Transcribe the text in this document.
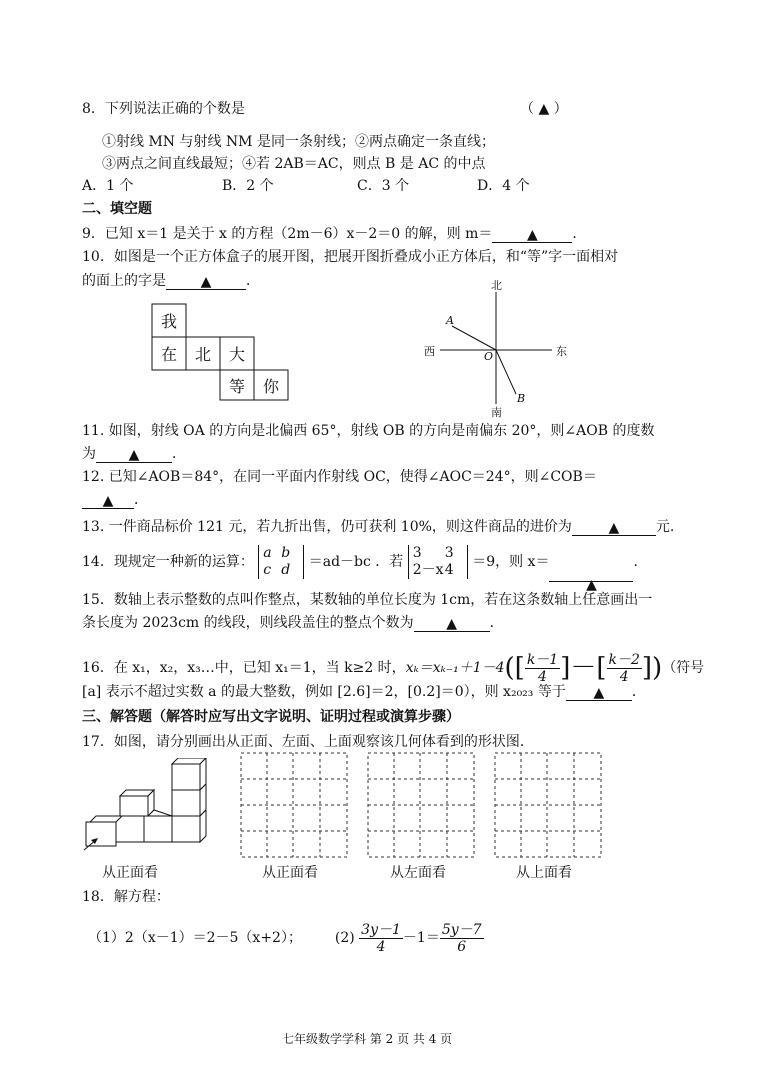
8．下列说法正确的个数是	（ ▲ ）
①射线 MN 与射线 NM 是同一条射线；②两点确定一条直线；
③两点之间直线最短；④若 2AB＝AC，则点 B 是 AC 的中点
A．1 个	B．2 个	C．3 个	D．4 个
二、填空题
9．已知 x＝1 是关于 x 的方程（2m－6）x－2＝0 的解，则 m＝ ▲ ．
10．如图是一个正方体盒子的展开图，把展开图折叠成小正方体后，和“等”字一面相对
的面上的字是 ▲ ．
我
在 北 大
等 你
北
南
西	东
A
B
O
11. 如图，射线 OA 的方向是北偏西 65°，射线 OB 的方向是南偏东 20°，则∠AOB 的度数
为 ▲ ．
12. 已知∠AOB＝84°，在同一平面内作射线 OC，使得∠AOC＝24°，则∠COB＝
▲ ．
13. 一件商品标价 121 元，若九折出售，仍可获利 10%，则这件商品的进价为	▲	元.
14．现规定一种新的运算： a b
c d ＝ad－bc ．若 3 3
2－x4 ＝9，则 x＝▲．
15．数轴上表示整数的点叫作整点，某数轴的单位长度为 1cm，若在这条数轴上任意画出一
条长度为 2023cm 的线段，则线段盖住的整点个数为 ▲ ．
16．在 x₁，x₂，x₃…中，已知 x₁＝1，当 k≥2 时，$x_k=x_{k-1}+1-4([ \frac{k-1}{4}$ ]－[ $\frac{k-2}{4}$ ])（符号
[a] 表示不超过实数 a 的最大整数，例如 [2.6]＝2，[0.2]＝0），则 x₂₀₂₃ 等于 ▲ ．
三、解答题（解答时应写出文字说明、证明过程或演算步骤）
17．如图，请分别画出从正面、左面、上面观察该几何体看到的形状图．
从正面看	从正面看	从左面看	从上面看
18．解方程：
（1）2（x－1）＝2－5（x+2）； $(2) \frac{3y-1}{4} -1= \frac{5y-7}{6}$
七年级数学学科 第 2 页 共 4 页
